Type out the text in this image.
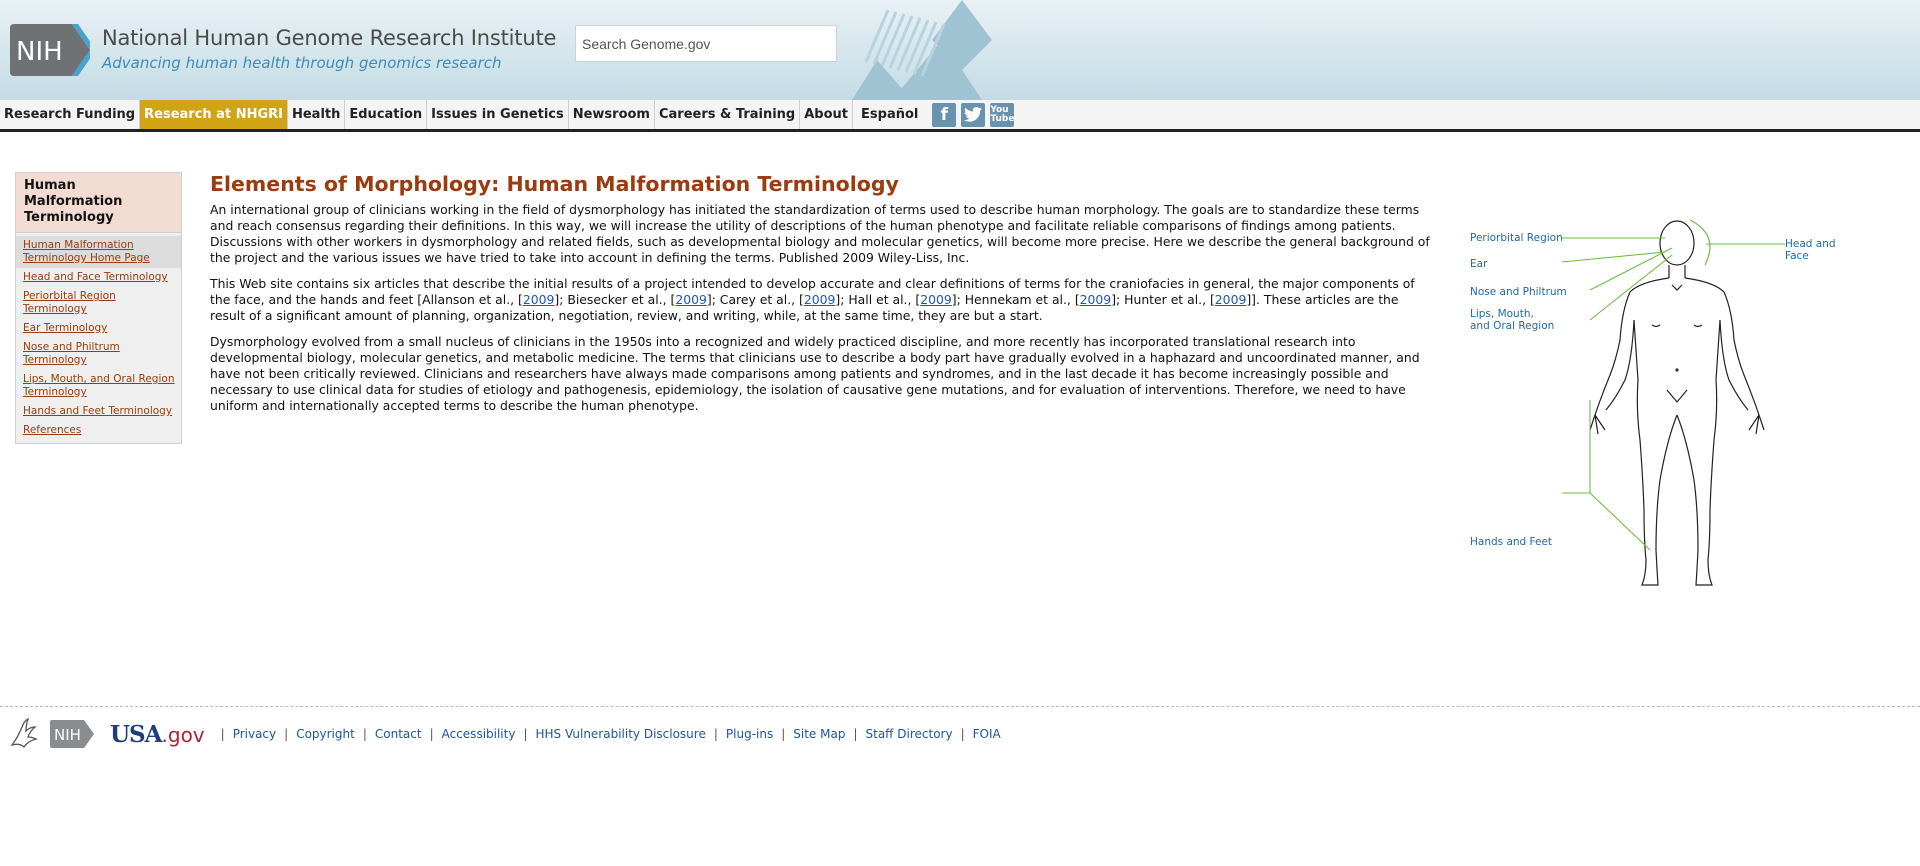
NIH National Human Genome Research Institute
Advancing human health through genomics research
Search Genome.gov
Research Funding Research at NHGRI Health Education Issues in Genetics Newsroom Careers & Training About	Español	f	You Tube
Human Malformation Terminology
Human Malformation Terminology Home Page
Head and Face Terminology
Periorbital Region Terminology
Ear Terminology
Nose and Philtrum Terminology
Lips, Mouth, and Oral Region Terminology
Hands and Feet Terminology
References
Elements of Morphology: Human Malformation Terminology

An international group of clinicians working in the field of dysmorphology has initiated the standardization of terms used to describe human morphology. The goals are to standardize these terms and reach consensus regarding their definitions. In this way, we will increase the utility of descriptions of the human phenotype and facilitate reliable comparisons of findings among patients. Discussions with other workers in dysmorphology and related fields, such as developmental biology and molecular genetics, will become more precise. Here we describe the general background of the project and the various issues we have tried to take into account in defining the terms. Published 2009 Wiley-Liss, Inc.

This Web site contains six articles that describe the initial results of a project intended to develop accurate and clear definitions of terms for the craniofacies in general, the major components of the face, and the hands and feet [Allanson et al., [2009]; Biesecker et al., [2009]; Carey et al., [2009]; Hall et al., [2009]; Hennekam et al., [2009]; Hunter et al., [2009]]. These articles are the result of a significant amount of planning, organization, negotiation, review, and writing, while, at the same time, they are but a start.

Dysmorphology evolved from a small nucleus of clinicians in the 1950s into a recognized and widely practiced discipline, and more recently has incorporated translational research into developmental biology, molecular genetics, and metabolic medicine. The terms that clinicians use to describe a body part have gradually evolved in a haphazard and uncoordinated manner, and have not been critically reviewed. Clinicians and researchers have always made comparisons among patients and syndromes, and in the last decade it has become increasingly possible and necessary to use clinical data for studies of etiology and pathogenesis, epidemiology, the isolation of causative gene mutations, and for evaluation of interventions. Therefore, we need to have uniform and internationally accepted terms to describe the human phenotype.

Periorbital Region
Ear
Nose and Philtrum
Lips, Mouth,
and Oral Region
Hands and Feet
Head and Face
NIH USA.gov	| Privacy | Copyright | Contact | Accessibility | HHS Vulnerability Disclosure | Plug-ins | Site Map | Staff Directory | FOIA
